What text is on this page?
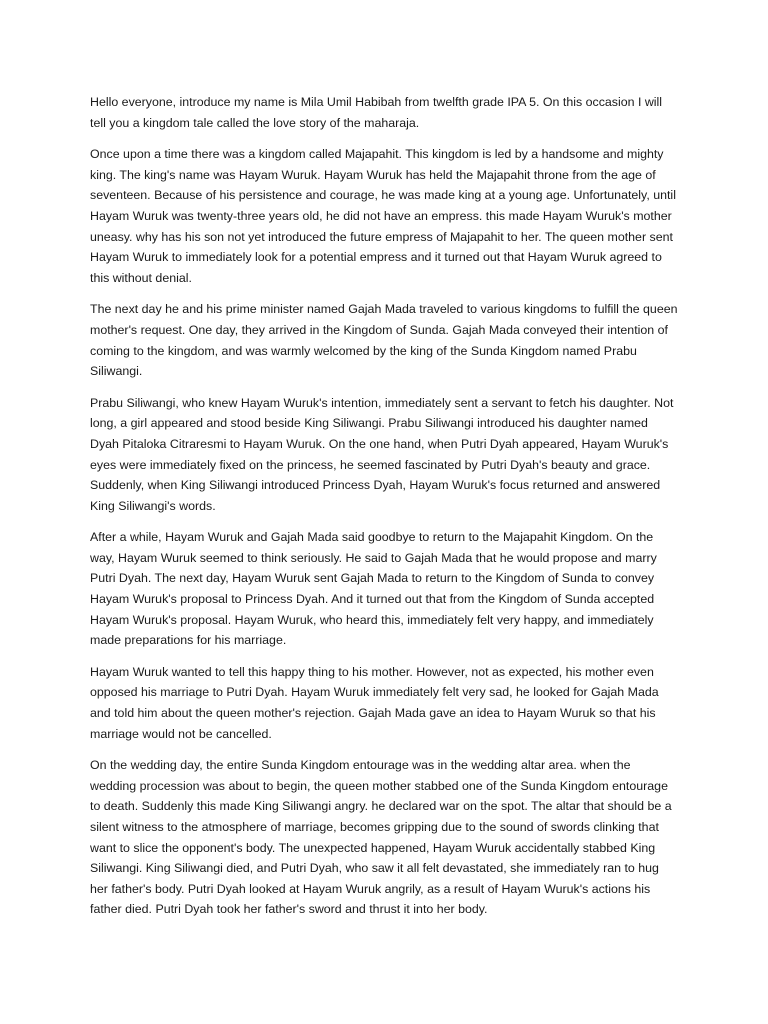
Hello everyone, introduce my name is Mila Umil Habibah from twelfth grade IPA 5. On this occasion I will tell you a kingdom tale called the love story of the maharaja.

Once upon a time there was a kingdom called Majapahit. This kingdom is led by a handsome and mighty king. The king's name was Hayam Wuruk. Hayam Wuruk has held the Majapahit throne from the age of seventeen. Because of his persistence and courage, he was made king at a young age. Unfortunately, until Hayam Wuruk was twenty-three years old, he did not have an empress. this made Hayam Wuruk's mother uneasy. why has his son not yet introduced the future empress of Majapahit to her. The queen mother sent Hayam Wuruk to immediately look for a potential empress and it turned out that Hayam Wuruk agreed to this without denial.

The next day he and his prime minister named Gajah Mada traveled to various kingdoms to fulfill the queen mother's request. One day, they arrived in the Kingdom of Sunda. Gajah Mada conveyed their intention of coming to the kingdom, and was warmly welcomed by the king of the Sunda Kingdom named Prabu Siliwangi.

Prabu Siliwangi, who knew Hayam Wuruk's intention, immediately sent a servant to fetch his daughter. Not long, a girl appeared and stood beside King Siliwangi. Prabu Siliwangi introduced his daughter named Dyah Pitaloka Citraresmi to Hayam Wuruk. On the one hand, when Putri Dyah appeared, Hayam Wuruk's eyes were immediately fixed on the princess, he seemed fascinated by Putri Dyah's beauty and grace. Suddenly, when King Siliwangi introduced Princess Dyah, Hayam Wuruk's focus returned and answered King Siliwangi's words.

After a while, Hayam Wuruk and Gajah Mada said goodbye to return to the Majapahit Kingdom. On the way, Hayam Wuruk seemed to think seriously. He said to Gajah Mada that he would propose and marry Putri Dyah. The next day, Hayam Wuruk sent Gajah Mada to return to the Kingdom of Sunda to convey Hayam Wuruk's proposal to Princess Dyah. And it turned out that from the Kingdom of Sunda accepted Hayam Wuruk's proposal. Hayam Wuruk, who heard this, immediately felt very happy, and immediately made preparations for his marriage.

Hayam Wuruk wanted to tell this happy thing to his mother. However, not as expected, his mother even opposed his marriage to Putri Dyah. Hayam Wuruk immediately felt very sad, he looked for Gajah Mada and told him about the queen mother's rejection. Gajah Mada gave an idea to Hayam Wuruk so that his marriage would not be cancelled.

On the wedding day, the entire Sunda Kingdom entourage was in the wedding altar area. when the wedding procession was about to begin, the queen mother stabbed one of the Sunda Kingdom entourage to death. Suddenly this made King Siliwangi angry. he declared war on the spot. The altar that should be a silent witness to the atmosphere of marriage, becomes gripping due to the sound of swords clinking that want to slice the opponent's body. The unexpected happened, Hayam Wuruk accidentally stabbed King Siliwangi. King Siliwangi died, and Putri Dyah, who saw it all felt devastated, she immediately ran to hug her father's body. Putri Dyah looked at Hayam Wuruk angrily, as a result of Hayam Wuruk's actions his father died. Putri Dyah took her father's sword and thrust it into her body.
